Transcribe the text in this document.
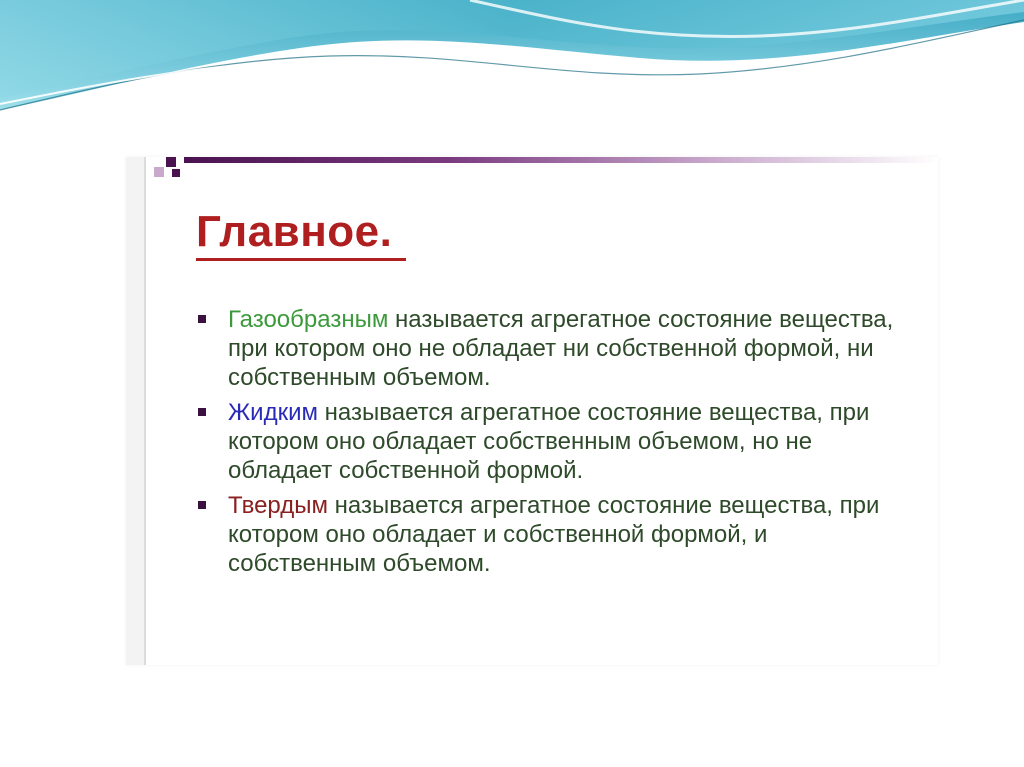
Главное.
Газообразным называется агрегатное состояние вещества, при котором оно не обладает ни собственной формой, ни собственным объемом.
Жидким называется агрегатное состояние вещества, при котором оно обладает собственным объемом, но не обладает собственной формой.
Твердым называется агрегатное состояние вещества, при котором оно обладает и собственной формой, и собственным объемом.
